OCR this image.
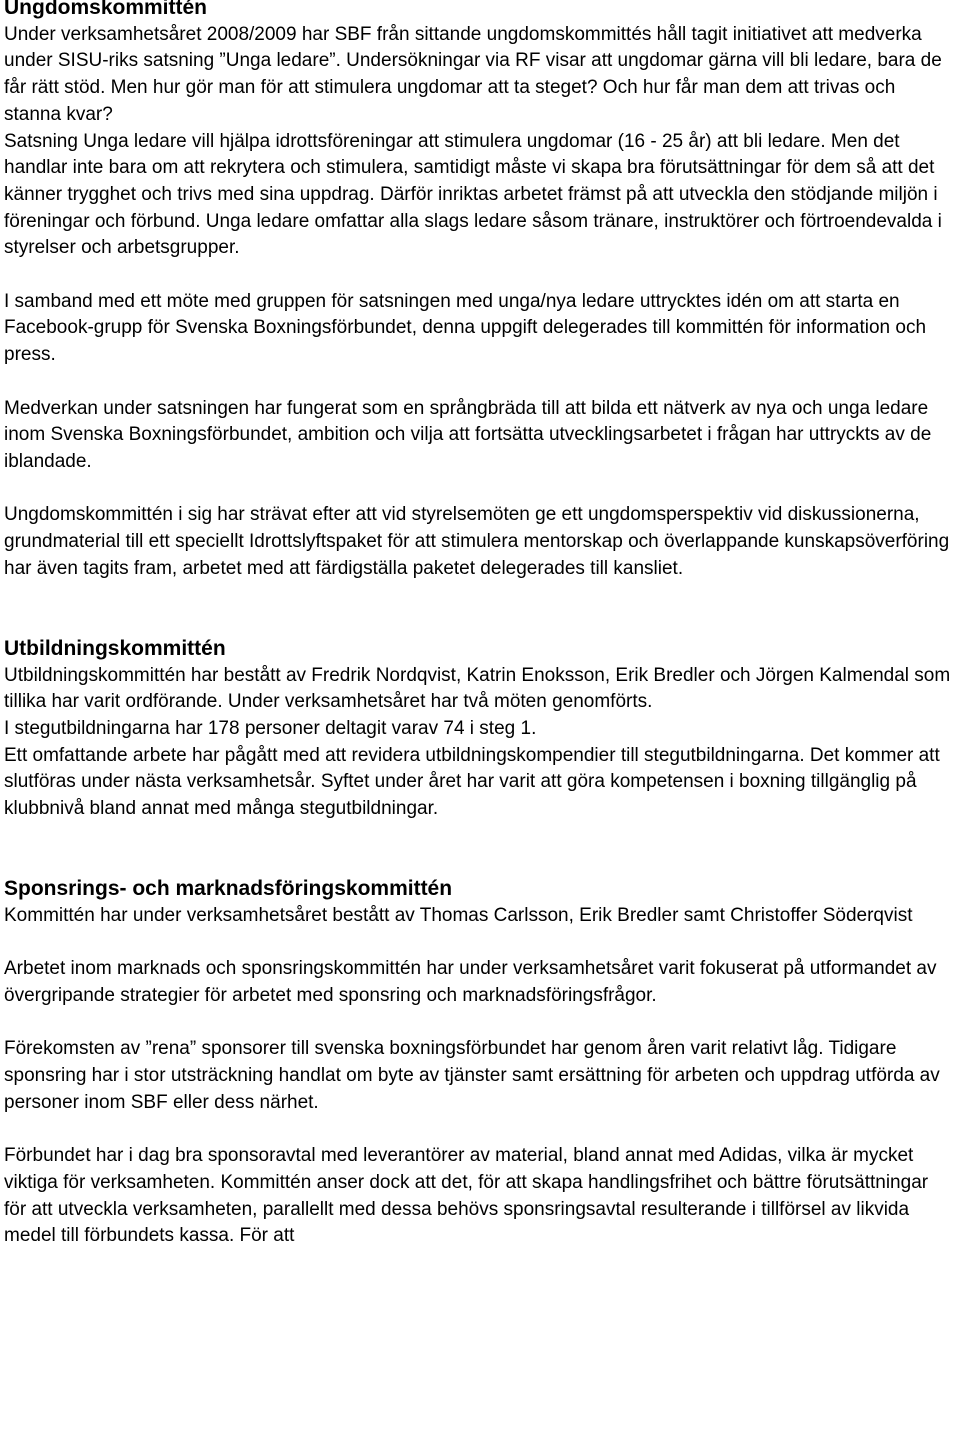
Ungdomskommittén

Under verksamhetsåret 2008/2009 har SBF från sittande ungdomskommittés håll tagit initiativet att medverka under SISU-riks satsning ”Unga ledare”. Undersökningar via RF visar att ungdomar gärna vill bli ledare, bara de får rätt stöd. Men hur gör man för att stimulera ungdomar att ta steget? Och hur får man dem att trivas och stanna kvar?

Satsning Unga ledare vill hjälpa idrottsföreningar att stimulera ungdomar (16 - 25 år) att bli ledare. Men det handlar inte bara om att rekrytera och stimulera, samtidigt måste vi skapa bra förutsättningar för dem så att det känner trygghet och trivs med sina uppdrag. Därför inriktas arbetet främst på att utveckla den stödjande miljön i föreningar och förbund. Unga ledare omfattar alla slags ledare såsom tränare, instruktörer och förtroendevalda i styrelser och arbetsgrupper.

I samband med ett möte med gruppen för satsningen med unga/nya ledare uttrycktes idén om att starta en Facebook-grupp för Svenska Boxningsförbundet, denna uppgift delegerades till kommittén för information och press.

Medverkan under satsningen har fungerat som en språngbräda till att bilda ett nätverk av nya och unga ledare inom Svenska Boxningsförbundet, ambition och vilja att fortsätta utvecklingsarbetet i frågan har uttryckts av de iblandade.

Ungdomskommittén i sig har strävat efter att vid styrelsemöten ge ett ungdomsperspektiv vid diskussionerna, grundmaterial till ett speciellt Idrottslyftspaket för att stimulera mentorskap och överlappande kunskapsöverföring har även tagits fram, arbetet med att färdigställa paketet delegerades till kansliet.

Utbildningskommittén

Utbildningskommittén har bestått av Fredrik Nordqvist, Katrin Enoksson, Erik Bredler och Jörgen Kalmendal som tillika har varit ordförande. Under verksamhetsåret har två möten genomförts.

I stegutbildningarna har 178 personer deltagit varav 74 i steg 1.

Ett omfattande arbete har pågått med att revidera utbildningskompendier till stegutbildningarna. Det kommer att slutföras under nästa verksamhetsår. Syftet under året har varit att göra kompetensen i boxning tillgänglig på klubbnivå bland annat med många stegutbildningar.

Sponsrings- och marknadsföringskommittén

Kommittén har under verksamhetsåret bestått av Thomas Carlsson, Erik Bredler samt Christoffer Söderqvist

Arbetet inom marknads och sponsringskommittén har under verksamhetsåret varit fokuserat på utformandet av övergripande strategier för arbetet med sponsring och marknadsföringsfrågor.

Förekomsten av ”rena” sponsorer till svenska boxningsförbundet har genom åren varit relativt låg. Tidigare sponsring har i stor utsträckning handlat om byte av tjänster samt ersättning för arbeten och uppdrag utförda av personer inom SBF eller dess närhet.

Förbundet har i dag bra sponsoravtal med leverantörer av material, bland annat med Adidas, vilka är mycket viktiga för verksamheten. Kommittén anser dock att det, för att skapa handlingsfrihet och bättre förutsättningar för att utveckla verksamheten, parallellt med dessa behövs sponsringsavtal resulterande i tillförsel av likvida medel till förbundets kassa. För att
